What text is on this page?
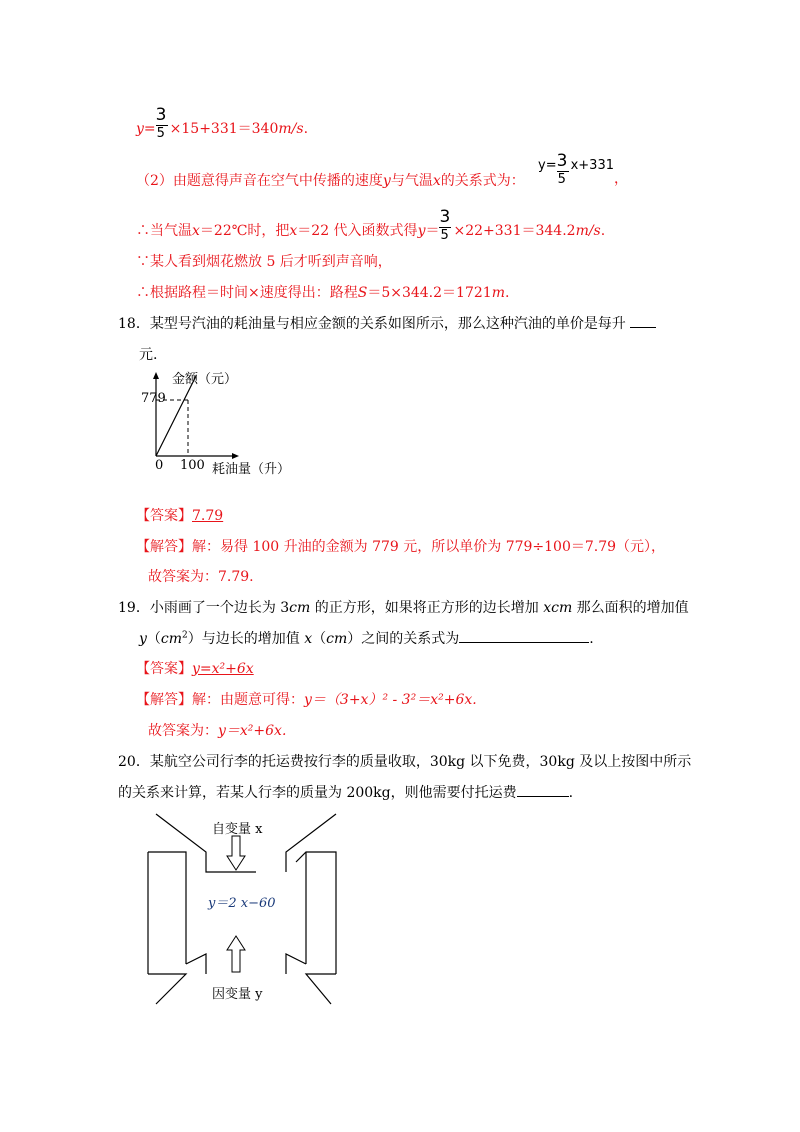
$y= \frac{3}{5} \times 15+331=340m/s$.
（2）由题意得声音在空气中传播的速度y与气温x的关系式为：
y=
$\frac{3}{5}$
x+331
，
∴当气温x＝22℃时，把x＝22 代入函数式得$y= \frac{3}{5} \times 22+331=344.2m/s$.
∵某人看到烟花燃放 5 后才听到声音响，
∴根据路程＝时间×速度得出：路程S＝5×344.2＝1721m.
18．某型号汽油的耗油量与相应金额的关系如图所示，那么这种汽油的单价是每升
元.
金额（元）
779
0 100 耗油量（升）
【答案】7.79
【解答】解：易得 100 升油的金额为 779 元，所以单价为 779÷100＝7.79（元），
故答案为：7.79.
19．小雨画了一个边长为 3cm 的正方形，如果将正方形的边长增加 xcm 那么面积的增加值
$y(cm^2)$与边长的增加值 x（cm）之间的关系式为	.
【答案】y=x²+6x
【解答】解：由题意可得：y＝（3+x）² - 3²＝x²+6x.
故答案为：y＝x²+6x.
20．某航空公司行李的托运费按行李的质量收取，30kg 以下免费，30kg 及以上按图中所示
的关系来计算，若某人行李的质量为 200kg，则他需要付托运费	.
自变量 x
y＝2 x−60
因变量 y
